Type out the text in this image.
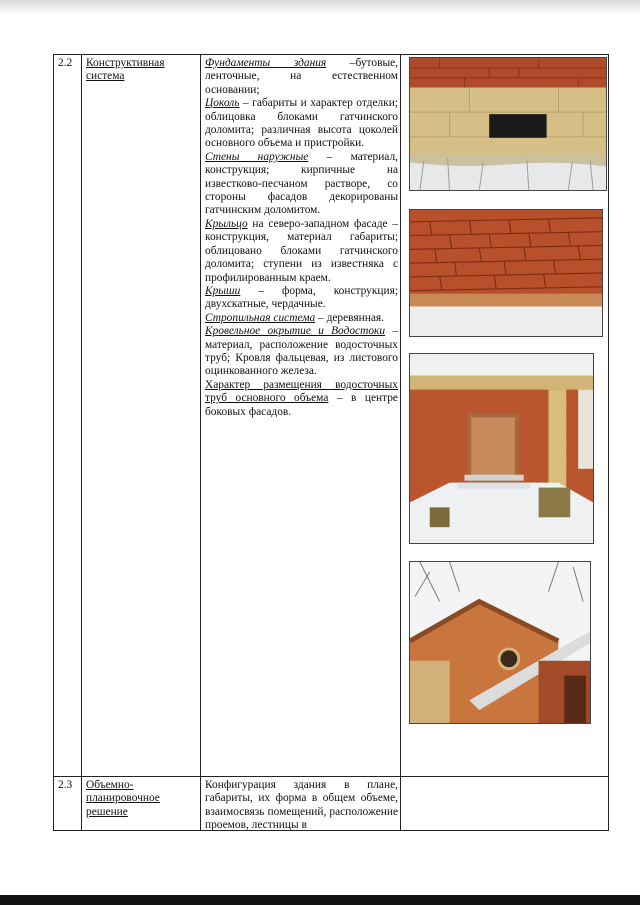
2.2 Конструктивная система

Фундаменты здания –бутовые, ленточные, на естественном основании;

Цоколь – габариты и характер отделки; облицовка блоками гатчинского доломита; различная высота цоколей основного объема и пристройки.

Стены наружные – материал, конструкция; кирпичные на известково-песчаном растворе, со стороны фасадов декорированы гатчинским доломитом.

Крыльцо на северо-западном фасаде – конструкция, материал габариты; облицовано блоками гатчинского доломита; ступени из известняка с профилированным краем.

Крыши – форма, конструкция; двухскатные, чердачные.

Стропильная система – деревянная.

Кровельное окрытие и Водостоки – материал, расположение водосточных труб; Кровля фальцевая, из листового оцинкованного железа.

Характер размещения водосточных труб основного объема – в центре боковых фасадов.

2.3 Объемно-планировочное решение
Конфигурация здания в плане, габариты, их форма в общем объеме, взаимосвязь помещений, расположение проемов, лестницы в
